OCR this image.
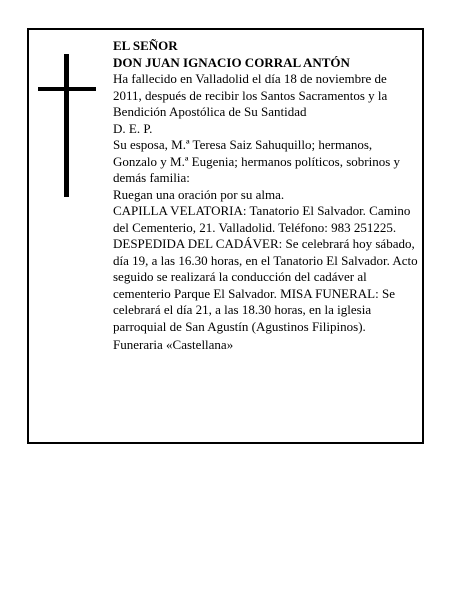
EL SEÑOR

DON JUAN IGNACIO CORRAL ANTÓN

Ha fallecido en Valladolid el día 18 de noviembre de 2011, después de recibir los Santos Sacramentos y la Bendición Apostólica de Su Santidad

D. E. P.

Su esposa, M.ª Teresa Saiz Sahuquillo; hermanos, Gonzalo y M.ª Eugenia; hermanos políticos, sobrinos y demás familia:

Ruegan una oración por su alma.

CAPILLA VELATORIA: Tanatorio El Salvador. Camino del Cementerio, 21. Valladolid. Teléfono: 983 251225.

DESPEDIDA DEL CADÁVER: Se celebrará hoy sábado, día 19, a las 16.30 horas, en el Tanatorio El Salvador. Acto seguido se realizará la conducción del cadáver al cementerio Parque El Salvador. MISA FUNERAL: Se celebrará el día 21, a las 18.30 horas, en la iglesia parroquial de San Agustín (Agustinos Filipinos).

Funeraria «Castellana»
